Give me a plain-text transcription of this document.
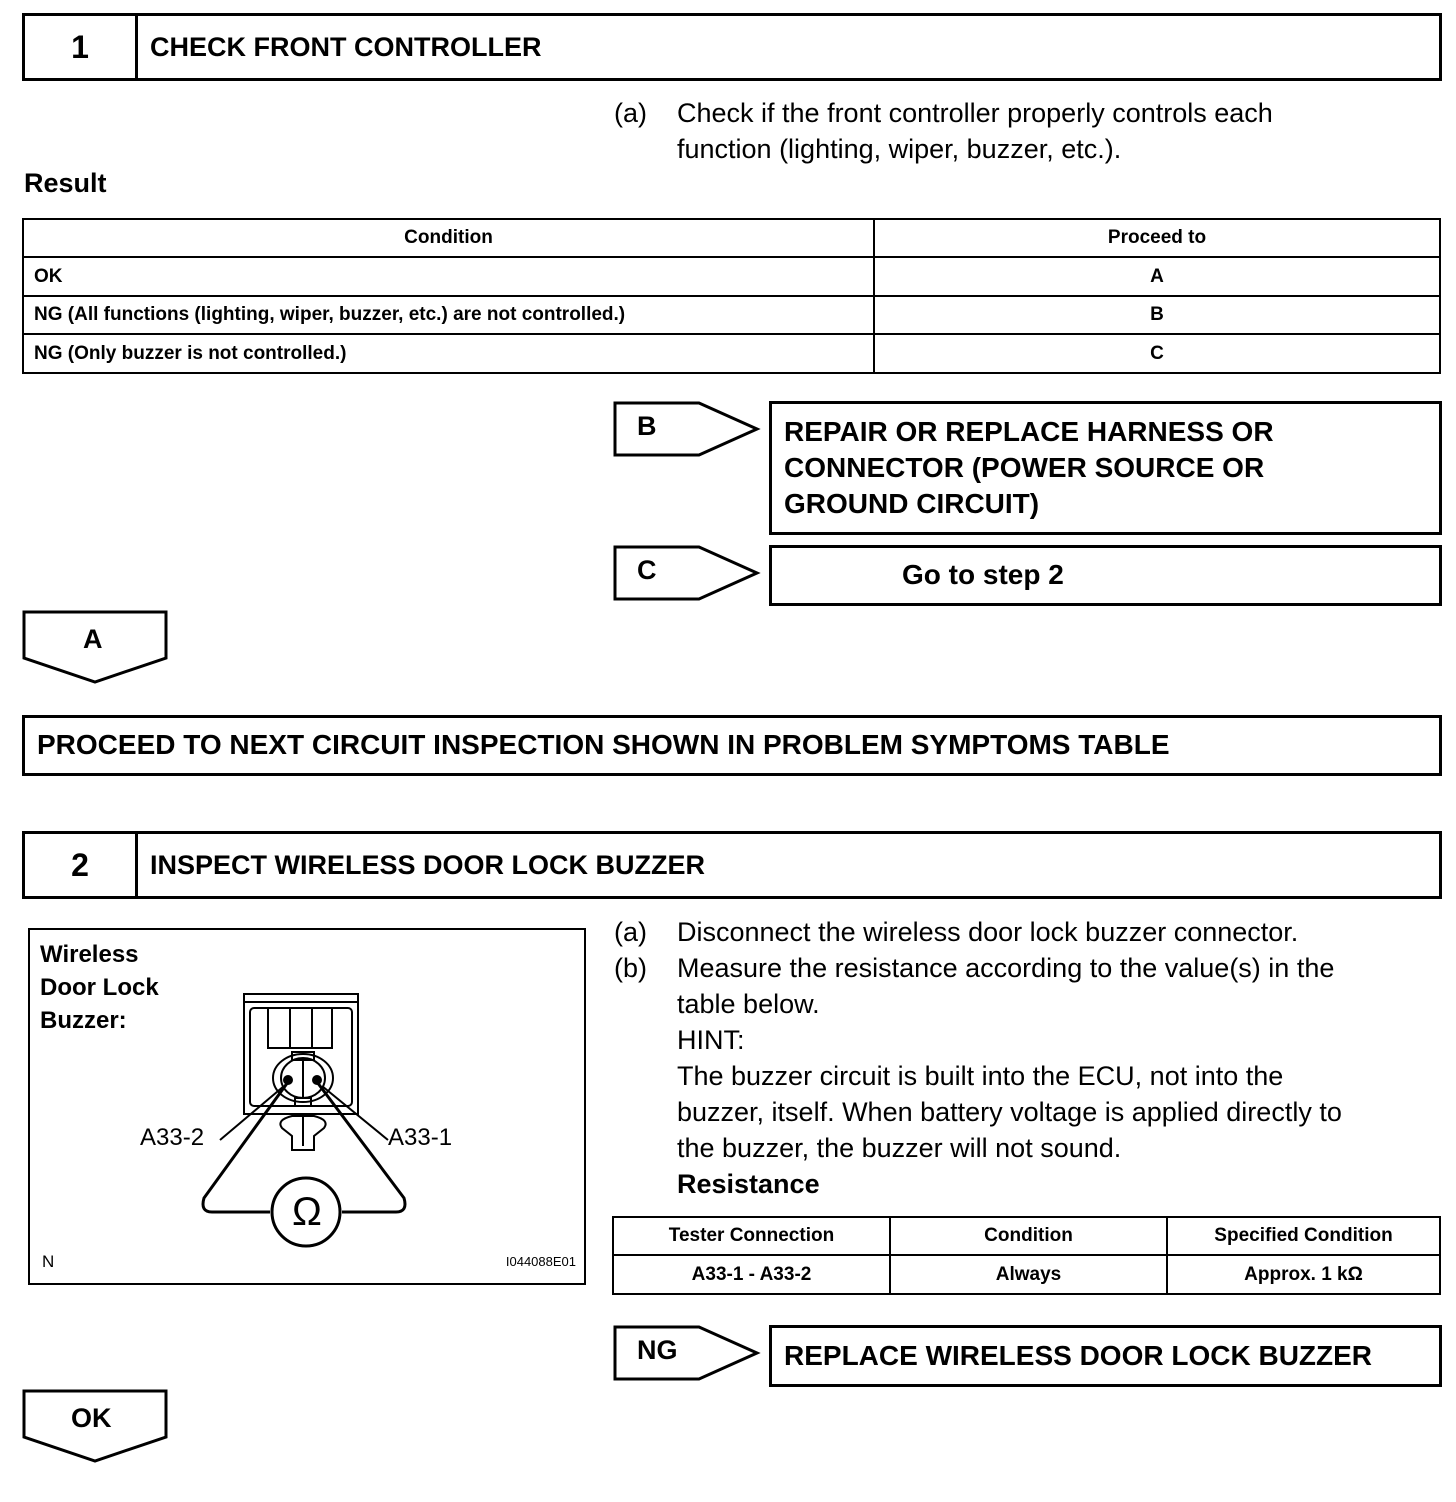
1	CHECK FRONT CONTROLLER
(a)	Check if the front controller properly controls each
function (lighting, wiper, buzzer, etc.).
Result
Condition	Proceed to
OK	A
NG (All functions (lighting, wiper, buzzer, etc.) are not controlled.)	B
NG (Only buzzer is not controlled.)	C
B	REPAIR OR REPLACE HARNESS OR
CONNECTOR (POWER SOURCE OR
GROUND CIRCUIT)
C	Go to step 2
A
PROCEED TO NEXT CIRCUIT INSPECTION SHOWN IN PROBLEM SYMPTOMS TABLE
2	INSPECT WIRELESS DOOR LOCK BUZZER
Wireless
Door Lock
Buzzer:
Ω
A33-2	A33-1
N	I044088E01
(a)	Disconnect the wireless door lock buzzer connector.
(b)	Measure the resistance according to the value(s) in the
table below.
HINT:
The buzzer circuit is built into the ECU, not into the
buzzer, itself. When battery voltage is applied directly to
the buzzer, the buzzer will not sound.
Resistance
Tester Connection	Condition	Specified Condition
A33-1 - A33-2	Always	Approx. 1 kΩ
NG	REPLACE WIRELESS DOOR LOCK BUZZER
OK
